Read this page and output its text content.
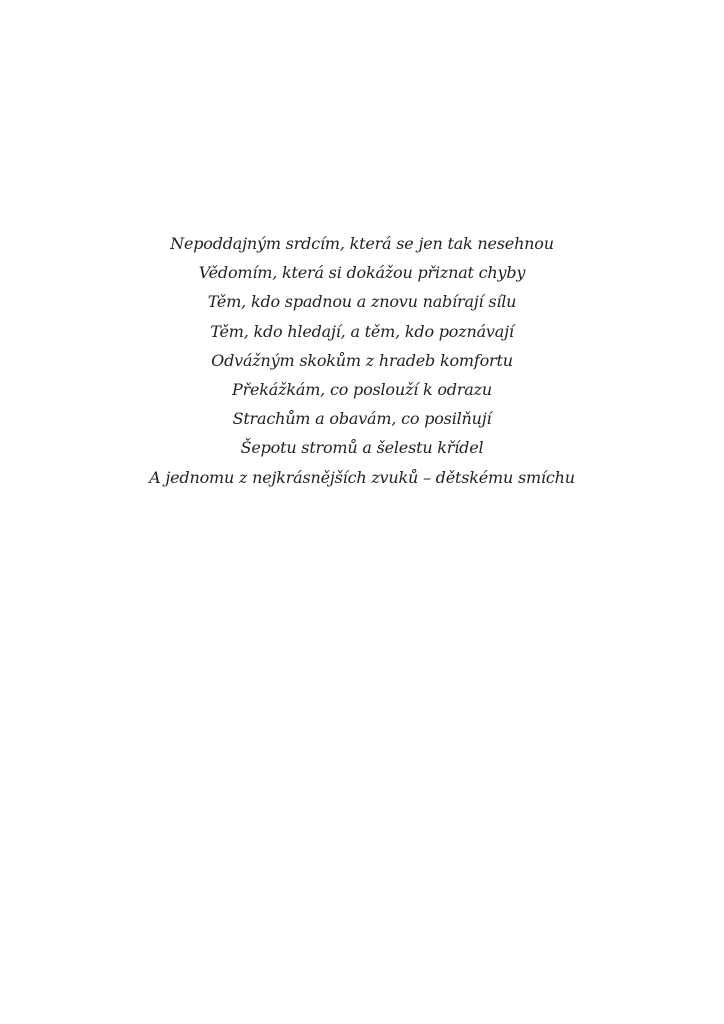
Nepoddajným srdcím, která se jen tak nesehnou
Vědomím, která si dokážou přiznat chyby
Těm, kdo spadnou a znovu nabírají sílu
Těm, kdo hledají, a těm, kdo poznávají
Odvážným skokům z hradeb komfortu
Překážkám, co poslouží k odrazu
Strachům a obavám, co posilňují
Šepotu stromů a šelestu křídel
A jednomu z nejkrásnějších zvuků – dětskému smíchu
